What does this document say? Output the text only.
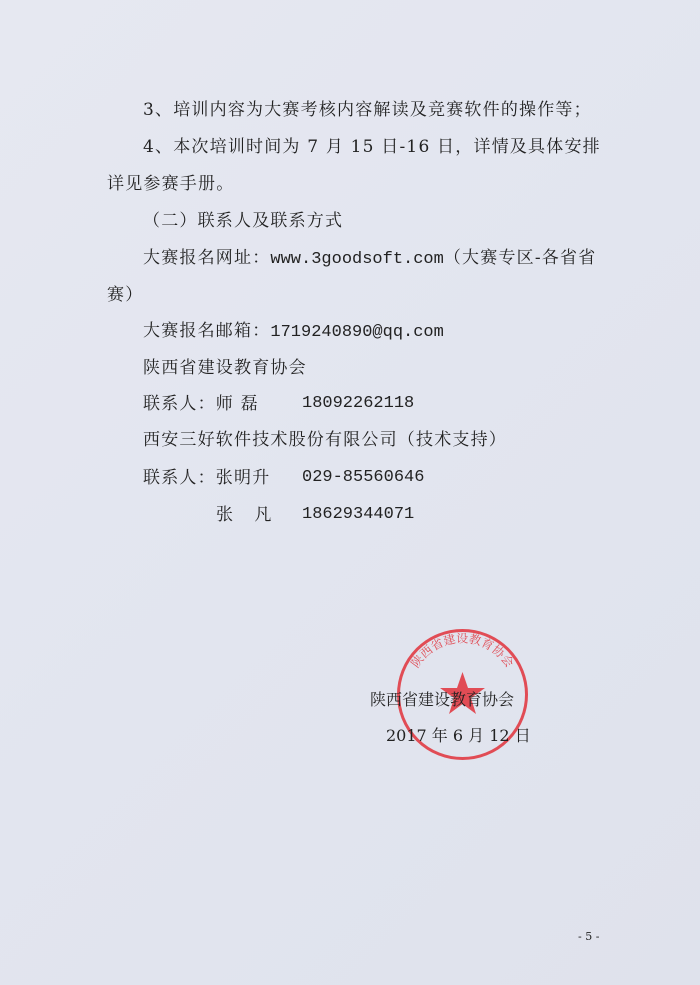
3、培训内容为大赛考核内容解读及竞赛软件的操作等；
4、本次培训时间为 7 月 15 日-16 日，详情及具体安排
详见参赛手册。
（二）联系人及联系方式
大赛报名网址：www.3goodsoft.com（大赛专区-各省省
赛）
大赛报名邮箱：1719240890@qq.com
陕西省建设教育协会
联系人：师 磊	18092262118
西安三好软件技术股份有限公司（技术支持）
联系人：张明升 029-85560646
张 凡 18629344071
陕西省建设教育协会
陕西省建设教育协会
2017 年 6 月 12 日
- 5 -
